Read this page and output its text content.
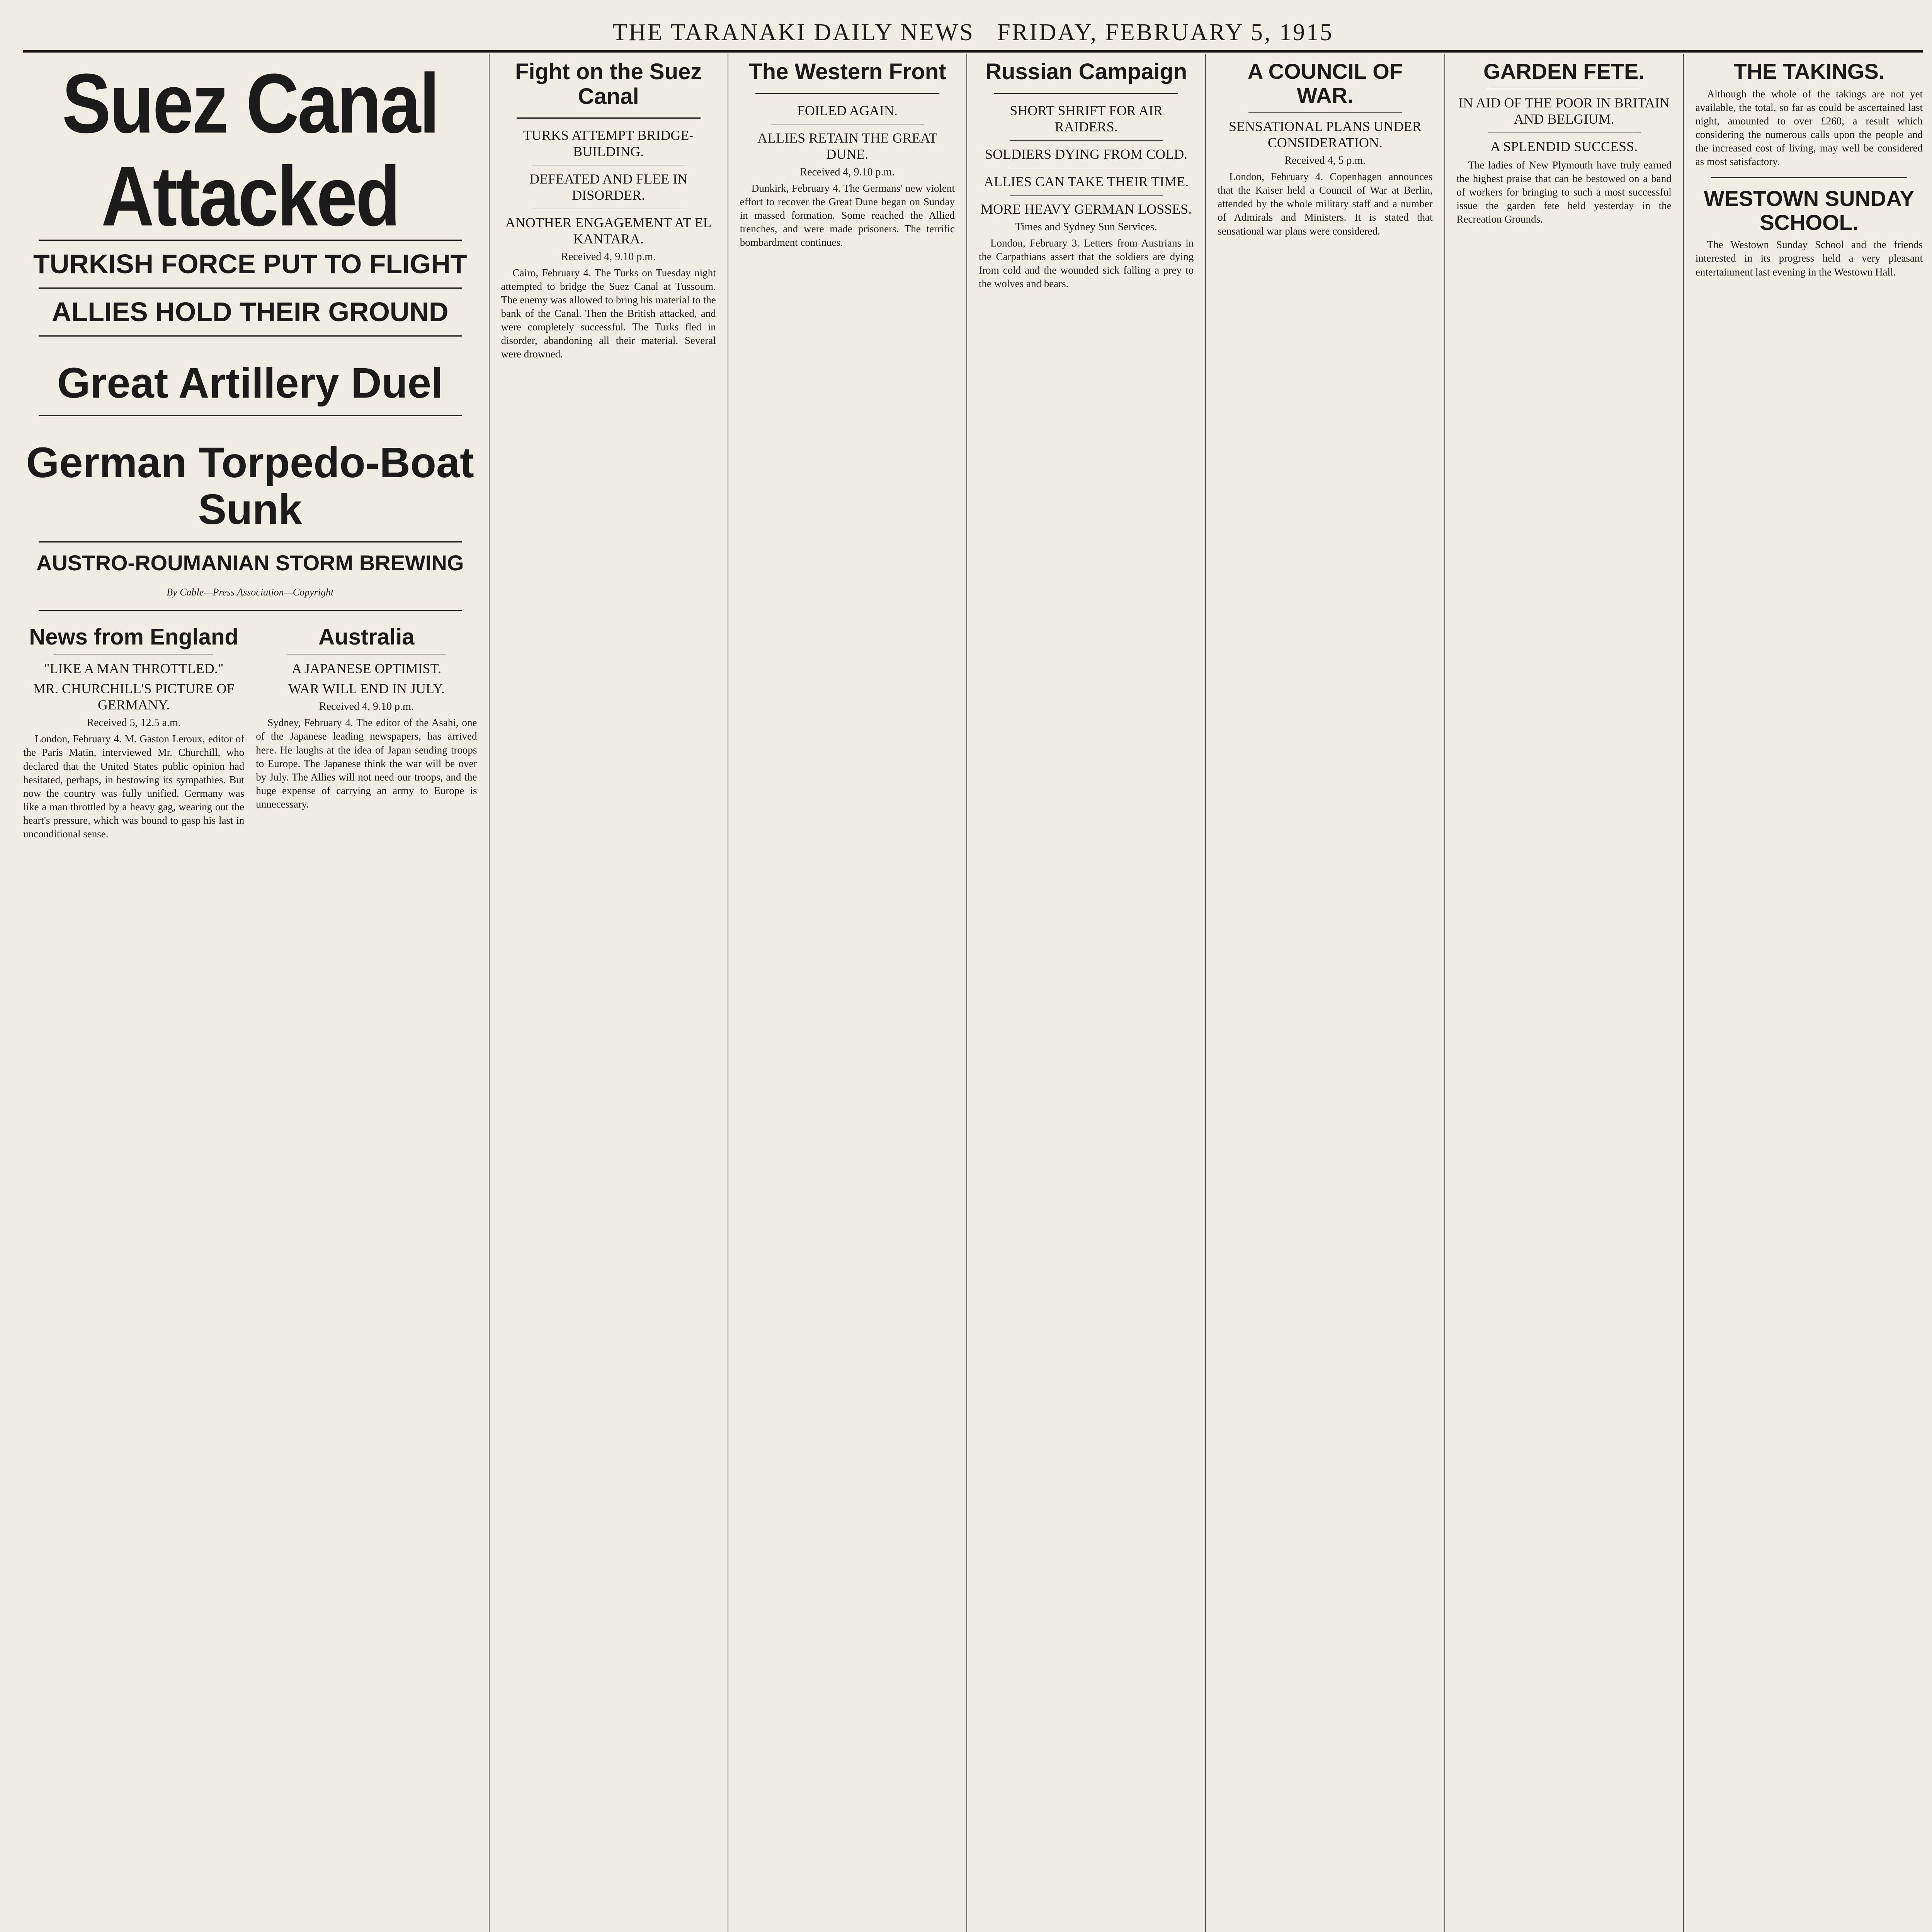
THE TARANAKI DAILY NEWS
FRIDAY, FEBRUARY 5, 1915
Suez Canal Attacked
TURKISH FORCE PUT TO FLIGHT
ALLIES HOLD THEIR GROUND
Great Artillery Duel
German Torpedo-Boat Sunk
AUSTRO-ROUMANIAN STORM BREWING
By Cable—Press Association—Copyright
News from England
"LIKE A MAN THROTTLED."
MR. CHURCHILL'S PICTURE OF GERMANY.
Received 5, 12.5 a.m.

London, February 4. M. Gaston Leroux, editor of the Paris Matin, interviewed Mr. Churchill, who declared that the United States public opinion had hesitated, perhaps, in bestowing its sympathies. But now the country was fully unified. Germany was like a man throttled by a heavy gag, wearing out the heart's pressure, which was bound to gasp his last in unconditional sense.

Australia
A JAPANESE OPTIMIST.
WAR WILL END IN JULY.
Received 4, 9.10 p.m.

Sydney, February 4. The editor of the Asahi, one of the Japanese leading newspapers, has arrived here. He laughs at the idea of Japan sending troops to Europe. The Japanese think the war will be over by July. The Allies will not need our troops, and the huge expense of carrying an army to Europe is unnecessary.

Fight on the Suez Canal
TURKS ATTEMPT BRIDGE-BUILDING.
DEFEATED AND FLEE IN DISORDER.
ANOTHER ENGAGEMENT AT EL KANTARA.
Received 4, 9.10 p.m.

Cairo, February 4. The Turks on Tuesday night attempted to bridge the Suez Canal at Tussoum. The enemy was allowed to bring his material to the bank of the Canal. Then the British attacked, and were completely successful. The Turks fled in disorder, abandoning all their material. Several were drowned.

The Western Front
FOILED AGAIN.
ALLIES RETAIN THE GREAT DUNE.
Received 4, 9.10 p.m.

Dunkirk, February 4. The Germans' new violent effort to recover the Great Dune began on Sunday in massed formation. Some reached the Allied trenches, and were made prisoners. The terrific bombardment continues.

Russian Campaign
SHORT SHRIFT FOR AIR RAIDERS.
SOLDIERS DYING FROM COLD.
ALLIES CAN TAKE THEIR TIME.
MORE HEAVY GERMAN LOSSES.
Times and Sydney Sun Services.

London, February 3. Letters from Austrians in the Carpathians assert that the soldiers are dying from cold and the wounded sick falling a prey to the wolves and bears.

A COUNCIL OF WAR.
SENSATIONAL PLANS UNDER CONSIDERATION.
Received 4, 5 p.m.

London, February 4. Copenhagen announces that the Kaiser held a Council of War at Berlin, attended by the whole military staff and a number of Admirals and Ministers. It is stated that sensational war plans were considered.

GARDEN FETE.
IN AID OF THE POOR IN BRITAIN AND BELGIUM.
A SPLENDID SUCCESS.

The ladies of New Plymouth have truly earned the highest praise that can be bestowed on a band of workers for bringing to such a most successful issue the garden fete held yesterday in the Recreation Grounds.

THE TAKINGS.

Although the whole of the takings are not yet available, the total, so far as could be ascertained last night, amounted to over £260, a result which considering the numerous calls upon the people and the increased cost of living, may well be considered as most satisfactory.

WESTOWN SUNDAY SCHOOL.

The Westown Sunday School and the friends interested in its progress held a very pleasant entertainment last evening in the Westown Hall.
